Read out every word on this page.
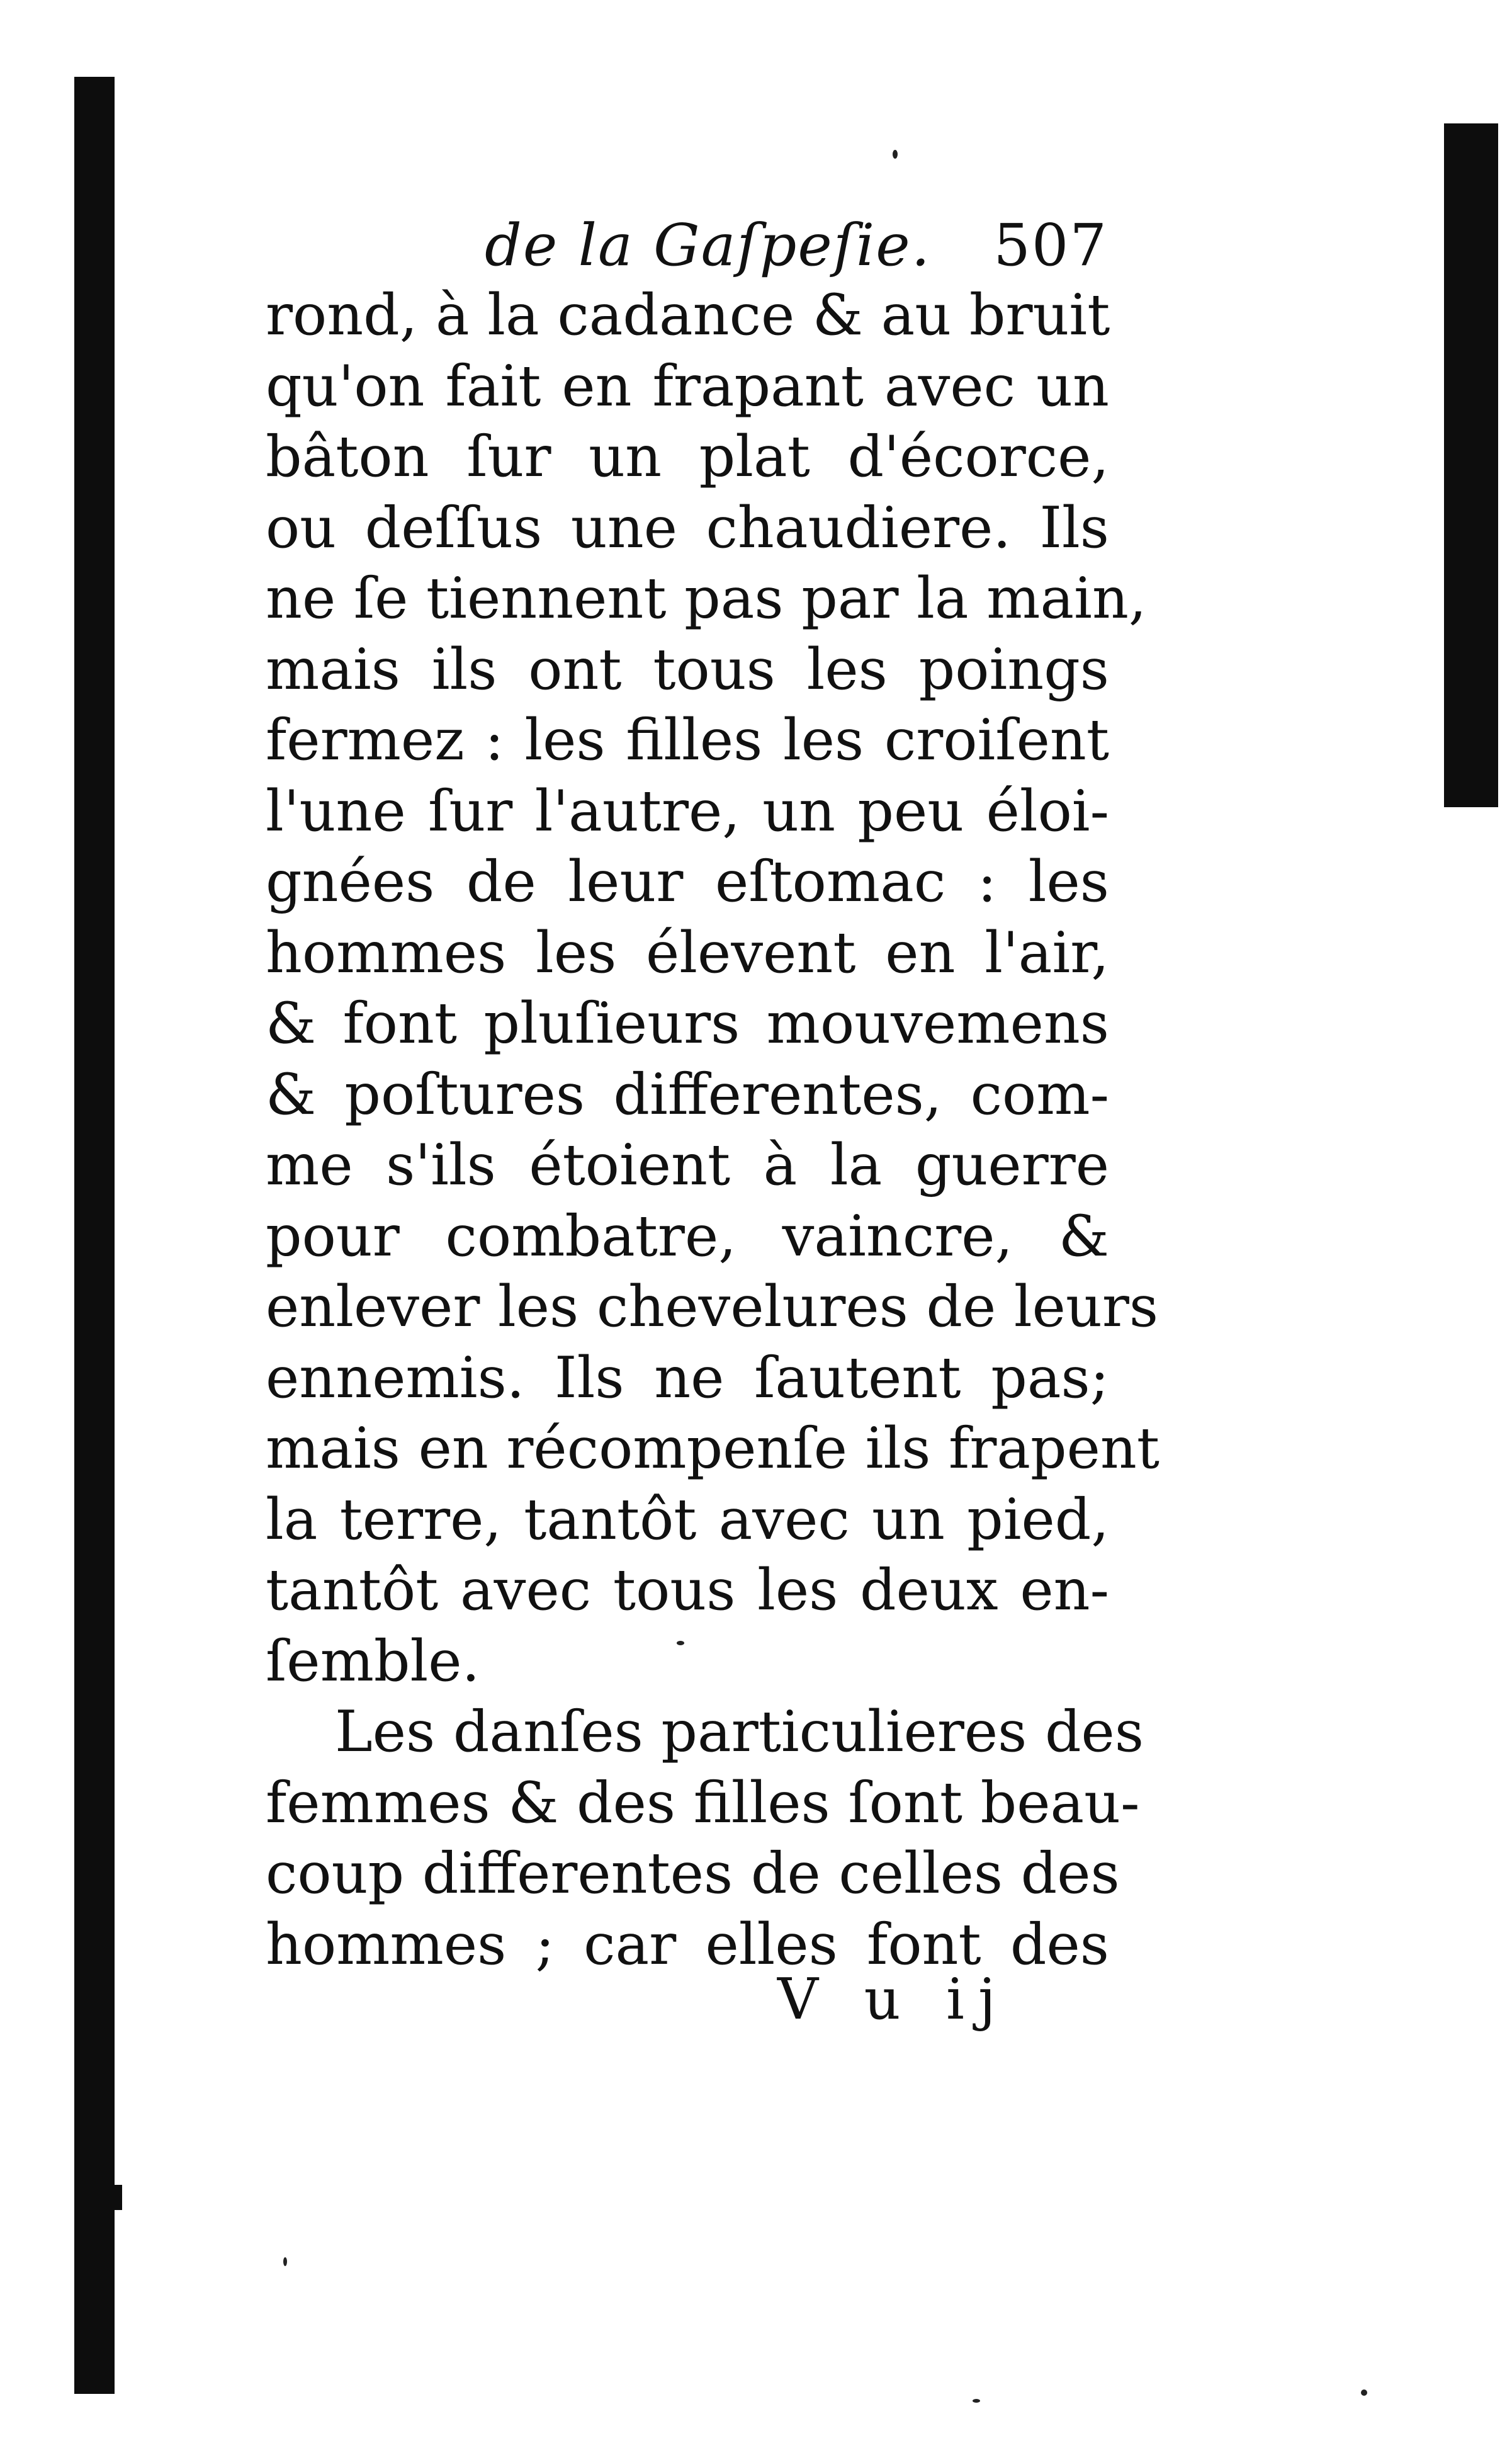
de la Gaſpeſie. 507
rond, à la cadance & au bruit
qu'on fait en frapant avec un
bâton ſur un plat d'écorce,
ou deſſus une chaudiere. Ils
ne ſe tiennent pas par la main,
mais ils ont tous les poings
fermez : les filles les croiſent
l'une ſur l'autre, un peu éloi-
gnées de leur eſtomac : les
hommes les élevent en l'air,
& font pluſieurs mouvemens
& poſtures differentes, com-
me s'ils étoient à la guerre
pour combatre, vaincre, &
enlever les chevelures de leurs
ennemis. Ils ne ſautent pas;
mais en récompenſe ils frapent
la terre, tantôt avec un pied,
tantôt avec tous les deux en-
ſemble.
Les danſes particulieres des
femmes & des filles ſont beau-
coup differentes de celles des
hommes ; car elles font des
V u ij
